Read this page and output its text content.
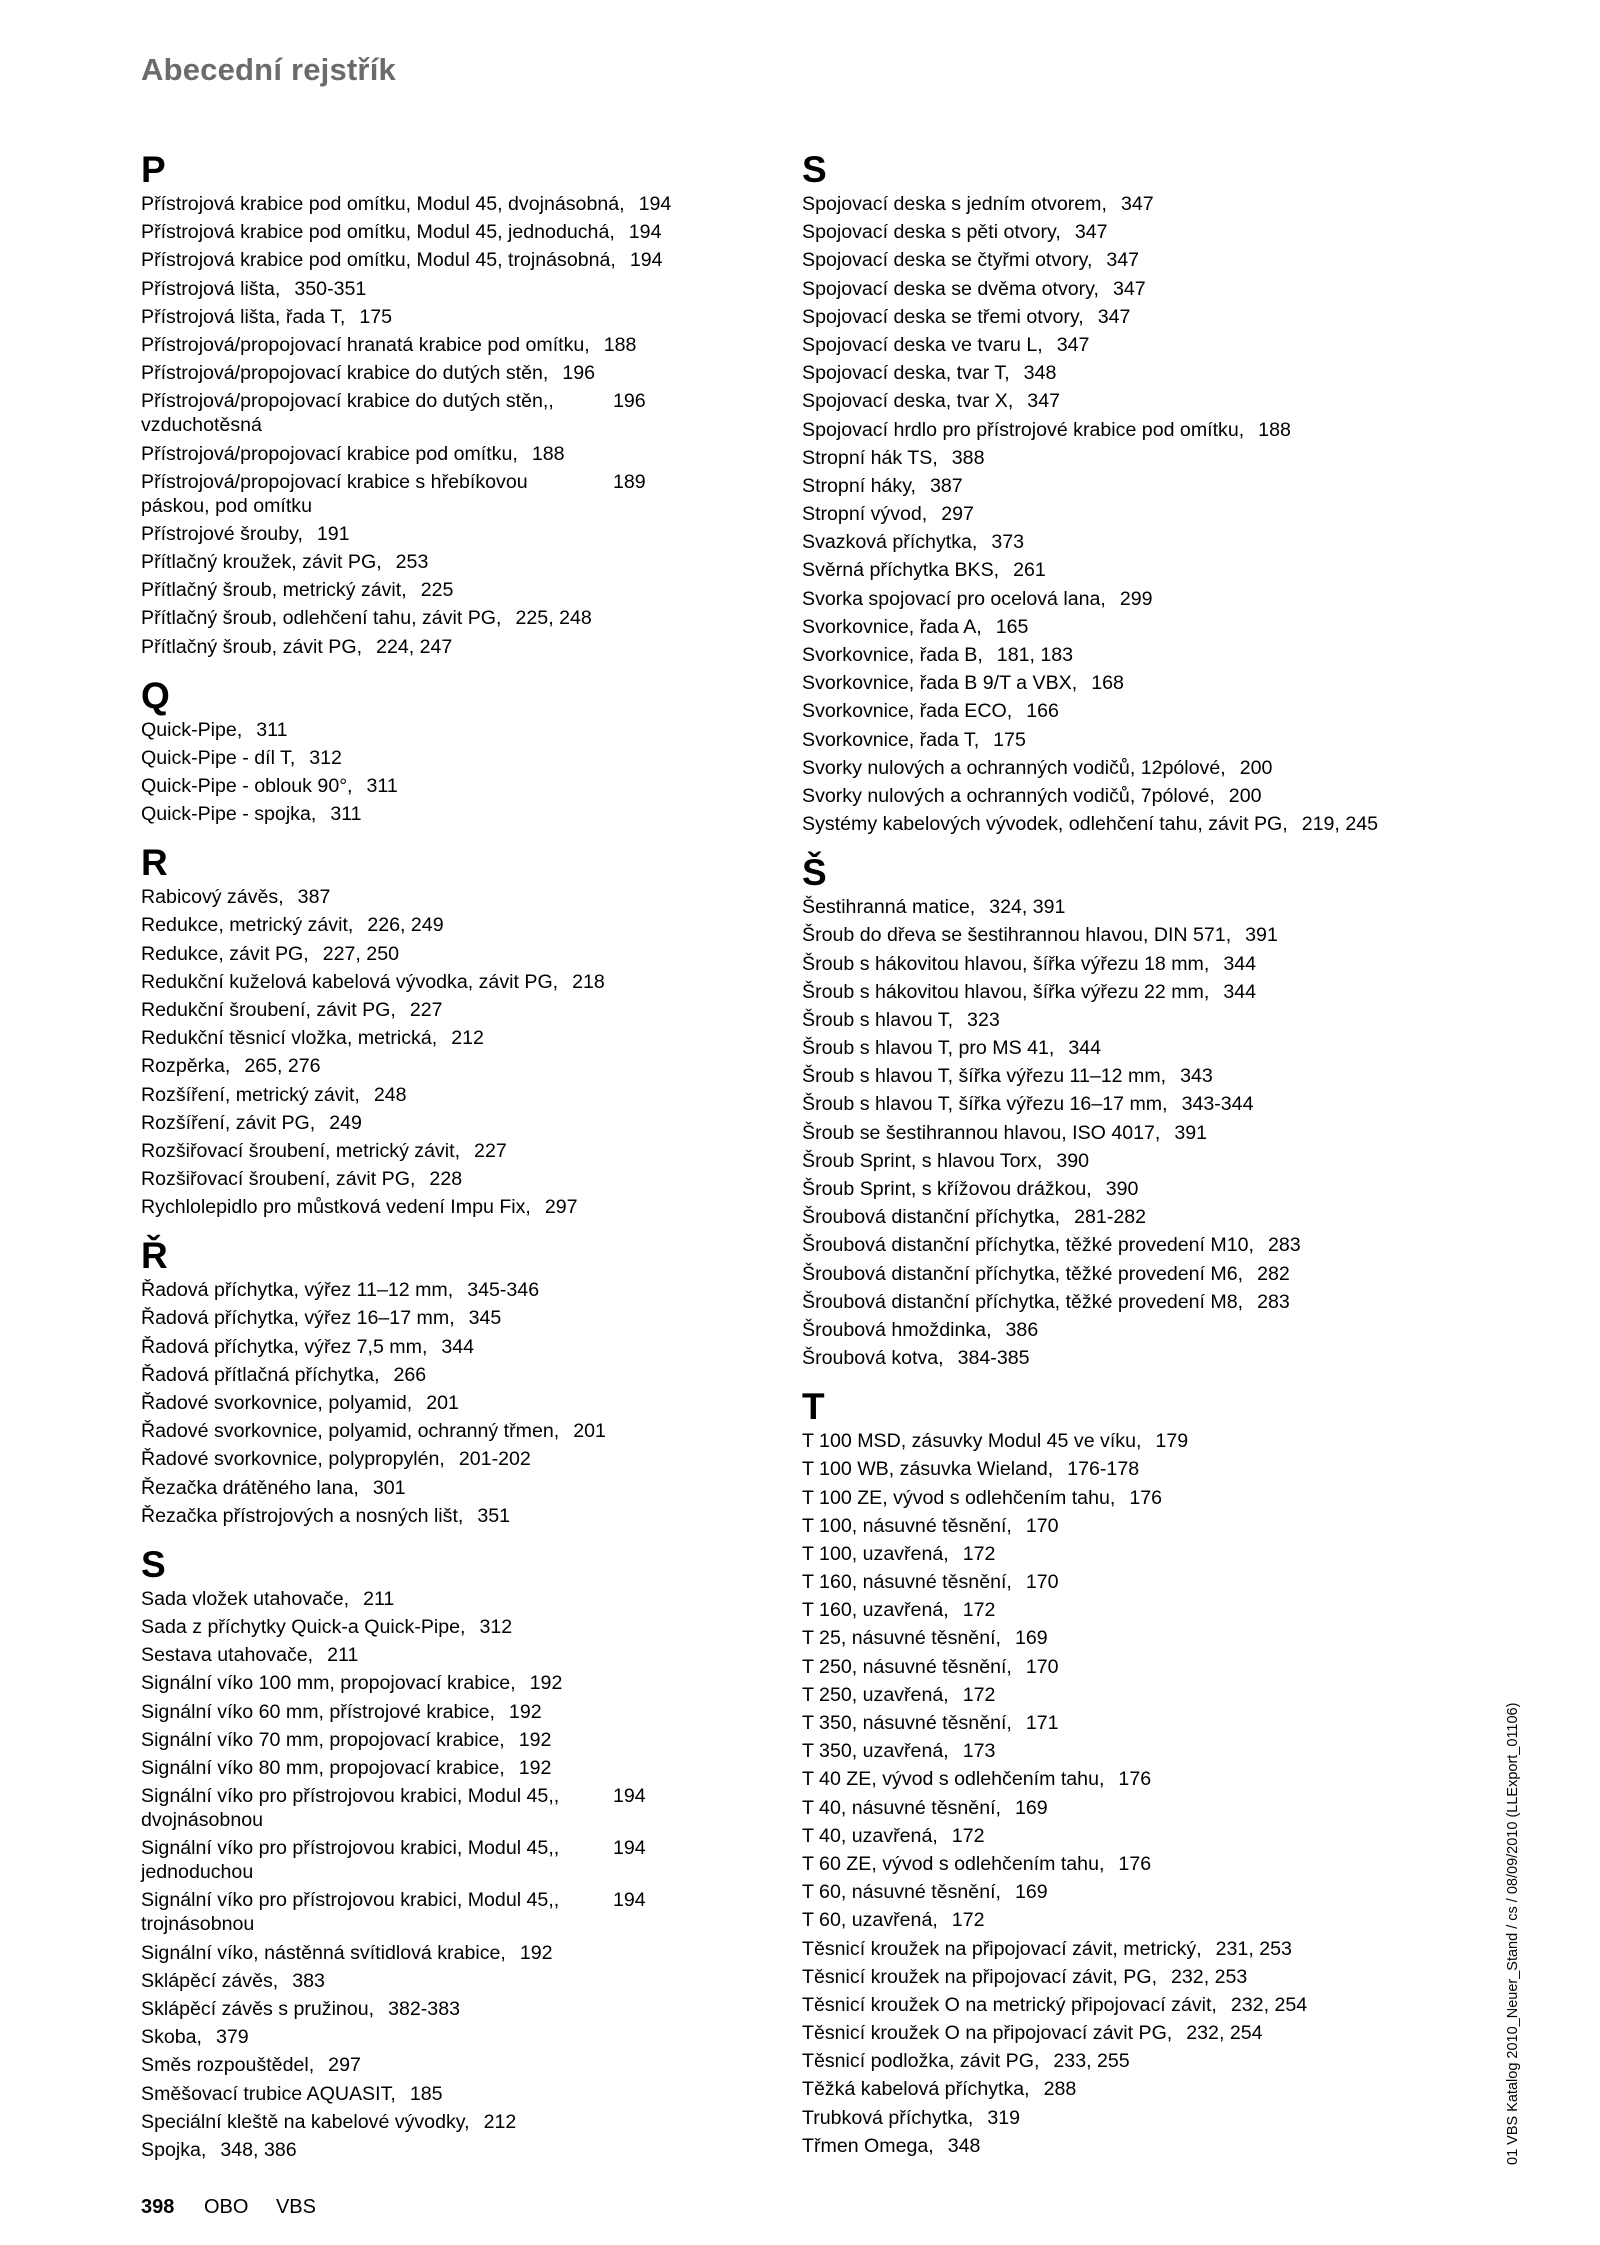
Abecední rejstřík
P
Přístrojová krabice pod omítku, Modul 45, dvojnásobná, 194
Přístrojová krabice pod omítku, Modul 45, jednoduchá, 194
Přístrojová krabice pod omítku, Modul 45, trojnásobná, 194
Přístrojová lišta, 350-351
Přístrojová lišta, řada T, 175
Přístrojová/propojovací hranatá krabice pod omítku, 188
Přístrojová/propojovací krabice do dutých stěn, 196
Přístrojová/propojovací krabice do dutých stěn,, vzduchotěsná
196
Přístrojová/propojovací krabice pod omítku, 188
Přístrojová/propojovací krabice s hřebíkovou páskou, pod omítku
189
Přístrojové šrouby, 191
Přítlačný kroužek, závit PG, 253
Přítlačný šroub, metrický závit, 225
Přítlačný šroub, odlehčení tahu, závit PG, 225, 248
Přítlačný šroub, závit PG, 224, 247
Q
Quick-Pipe, 311
Quick-Pipe - díl T, 312
Quick-Pipe - oblouk 90°, 311
Quick-Pipe - spojka, 311
R
Rabicový závěs, 387
Redukce, metrický závit, 226, 249
Redukce, závit PG, 227, 250
Redukční kuželová kabelová vývodka, závit PG, 218
Redukční šroubení, závit PG, 227
Redukční těsnicí vložka, metrická, 212
Rozpěrka, 265, 276
Rozšíření, metrický závit, 248
Rozšíření, závit PG, 249
Rozšiřovací šroubení, metrický závit, 227
Rozšiřovací šroubení, závit PG, 228
Rychlolepidlo pro můstková vedení Impu Fix, 297
Ř
Řadová příchytka, výřez 11–12 mm, 345-346
Řadová příchytka, výřez 16–17 mm, 345
Řadová příchytka, výřez 7,5 mm, 344
Řadová přítlačná příchytka, 266
Řadové svorkovnice, polyamid, 201
Řadové svorkovnice, polyamid, ochranný třmen, 201
Řadové svorkovnice, polypropylén, 201-202
Řezačka drátěného lana, 301
Řezačka přístrojových a nosných lišt, 351
S
Sada vložek utahovače, 211
Sada z příchytky Quick-a Quick-Pipe, 312
Sestava utahovače, 211
Signální víko 100 mm, propojovací krabice, 192
Signální víko 60 mm, přístrojové krabice, 192
Signální víko 70 mm, propojovací krabice, 192
Signální víko 80 mm, propojovací krabice, 192
Signální víko pro přístrojovou krabici, Modul 45,, dvojnásobnou
194
Signální víko pro přístrojovou krabici, Modul 45,, jednoduchou
194
Signální víko pro přístrojovou krabici, Modul 45,, trojnásobnou
194
Signální víko, nástěnná svítidlová krabice, 192
Sklápěcí závěs, 383
Sklápěcí závěs s pružinou, 382-383
Skoba, 379
Směs rozpouštědel, 297
Směšovací trubice AQUASIT, 185
Speciální kleště na kabelové vývodky, 212
Spojka, 348, 386
S
Spojovací deska s jedním otvorem, 347
Spojovací deska s pěti otvory, 347
Spojovací deska se čtyřmi otvory, 347
Spojovací deska se dvěma otvory, 347
Spojovací deska se třemi otvory, 347
Spojovací deska ve tvaru L, 347
Spojovací deska, tvar T, 348
Spojovací deska, tvar X, 347
Spojovací hrdlo pro přístrojové krabice pod omítku, 188
Stropní hák TS, 388
Stropní háky, 387
Stropní vývod, 297
Svazková příchytka, 373
Svěrná příchytka BKS, 261
Svorka spojovací pro ocelová lana, 299
Svorkovnice, řada A, 165
Svorkovnice, řada B, 181, 183
Svorkovnice, řada B 9/T a VBX, 168
Svorkovnice, řada ECO, 166
Svorkovnice, řada T, 175
Svorky nulových a ochranných vodičů, 12pólové, 200
Svorky nulových a ochranných vodičů, 7pólové, 200
Systémy kabelových vývodek, odlehčení tahu, závit PG, 219, 245
Š
Šestihranná matice, 324, 391
Šroub do dřeva se šestihrannou hlavou, DIN 571, 391
Šroub s hákovitou hlavou, šířka výřezu 18 mm, 344
Šroub s hákovitou hlavou, šířka výřezu 22 mm, 344
Šroub s hlavou T, 323
Šroub s hlavou T, pro MS 41, 344
Šroub s hlavou T, šířka výřezu 11–12 mm, 343
Šroub s hlavou T, šířka výřezu 16–17 mm, 343-344
Šroub se šestihrannou hlavou, ISO 4017, 391
Šroub Sprint, s hlavou Torx, 390
Šroub Sprint, s křížovou drážkou, 390
Šroubová distanční příchytka, 281-282
Šroubová distanční příchytka, těžké provedení M10, 283
Šroubová distanční příchytka, těžké provedení M6, 282
Šroubová distanční příchytka, těžké provedení M8, 283
Šroubová hmoždinka, 386
Šroubová kotva, 384-385
T
T 100 MSD, zásuvky Modul 45 ve víku, 179
T 100 WB, zásuvka Wieland, 176-178
T 100 ZE, vývod s odlehčením tahu, 176
T 100, násuvné těsnění, 170
T 100, uzavřená, 172
T 160, násuvné těsnění, 170
T 160, uzavřená, 172
T 25, násuvné těsnění, 169
T 250, násuvné těsnění, 170
T 250, uzavřená, 172
T 350, násuvné těsnění, 171
T 350, uzavřená, 173
T 40 ZE, vývod s odlehčením tahu, 176
T 40, násuvné těsnění, 169
T 40, uzavřená, 172
T 60 ZE, vývod s odlehčením tahu, 176
T 60, násuvné těsnění, 169
T 60, uzavřená, 172
Těsnicí kroužek na připojovací závit, metrický, 231, 253
Těsnicí kroužek na připojovací závit, PG, 232, 253
Těsnicí kroužek O na metrický připojovací závit, 232, 254
Těsnicí kroužek O na připojovací závit PG, 232, 254
Těsnicí podložka, závit PG, 233, 255
Těžká kabelová příchytka, 288
Trubková příchytka, 319
Třmen Omega, 348
398 OBO VBS
01 VBS Katalog 2010_Neuer_Stand / cs / 08/09/2010 (LLExport_01106)
